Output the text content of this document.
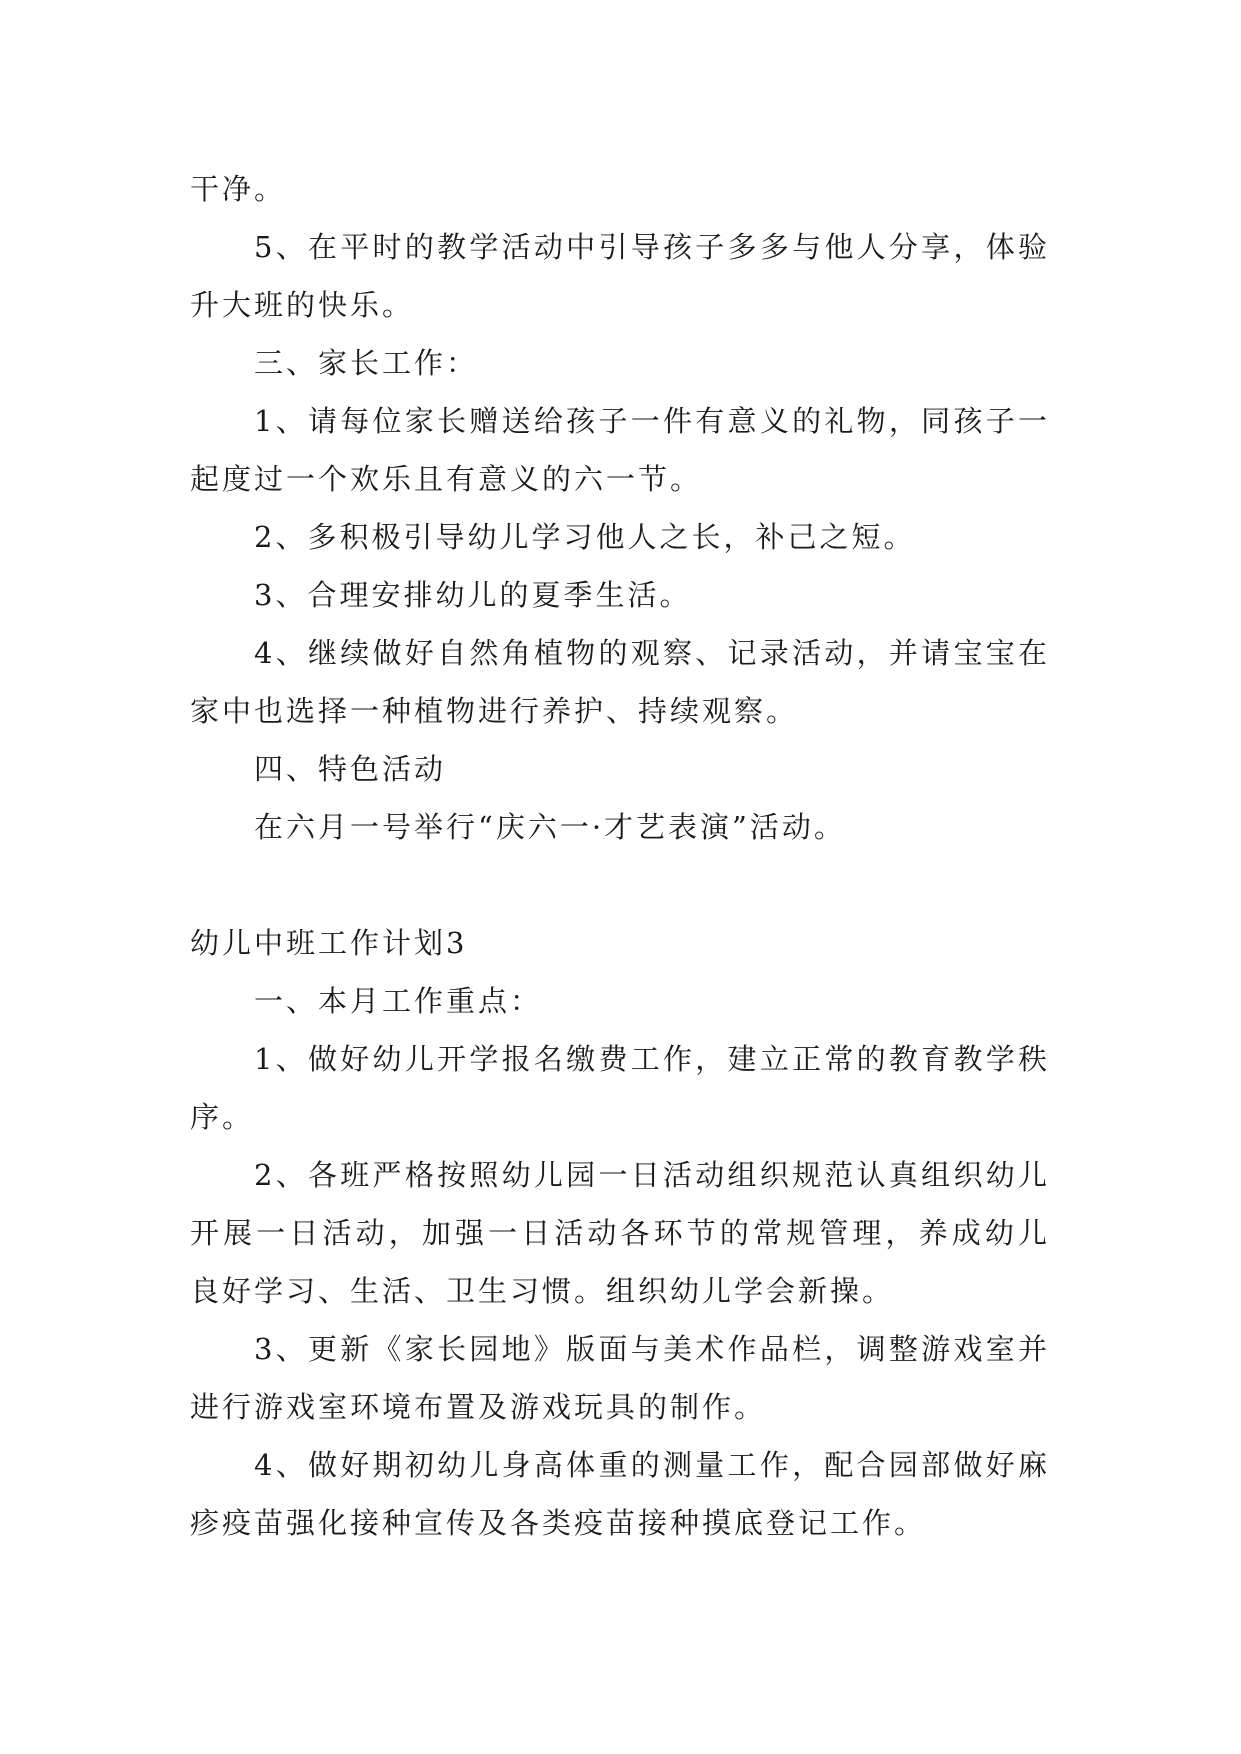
干净。

5、在平时的教学活动中引导孩子多多与他人分享，体验升大班的快乐。

三、家长工作：

1、请每位家长赠送给孩子一件有意义的礼物，同孩子一起度过一个欢乐且有意义的六一节。

2、多积极引导幼儿学习他人之长，补己之短。

3、合理安排幼儿的夏季生活。

4、继续做好自然角植物的观察、记录活动，并请宝宝在家中也选择一种植物进行养护、持续观察。

四、特色活动

在六月一号举行“庆六一·才艺表演”活动。

幼儿中班工作计划3

一、本月工作重点：

1、做好幼儿开学报名缴费工作，建立正常的教育教学秩序。

2、各班严格按照幼儿园一日活动组织规范认真组织幼儿开展一日活动，加强一日活动各环节的常规管理，养成幼儿良好学习、生活、卫生习惯。组织幼儿学会新操。

3、更新《家长园地》版面与美术作品栏，调整游戏室并进行游戏室环境布置及游戏玩具的制作。

4、做好期初幼儿身高体重的测量工作，配合园部做好麻疹疫苗强化接种宣传及各类疫苗接种摸底登记工作。
